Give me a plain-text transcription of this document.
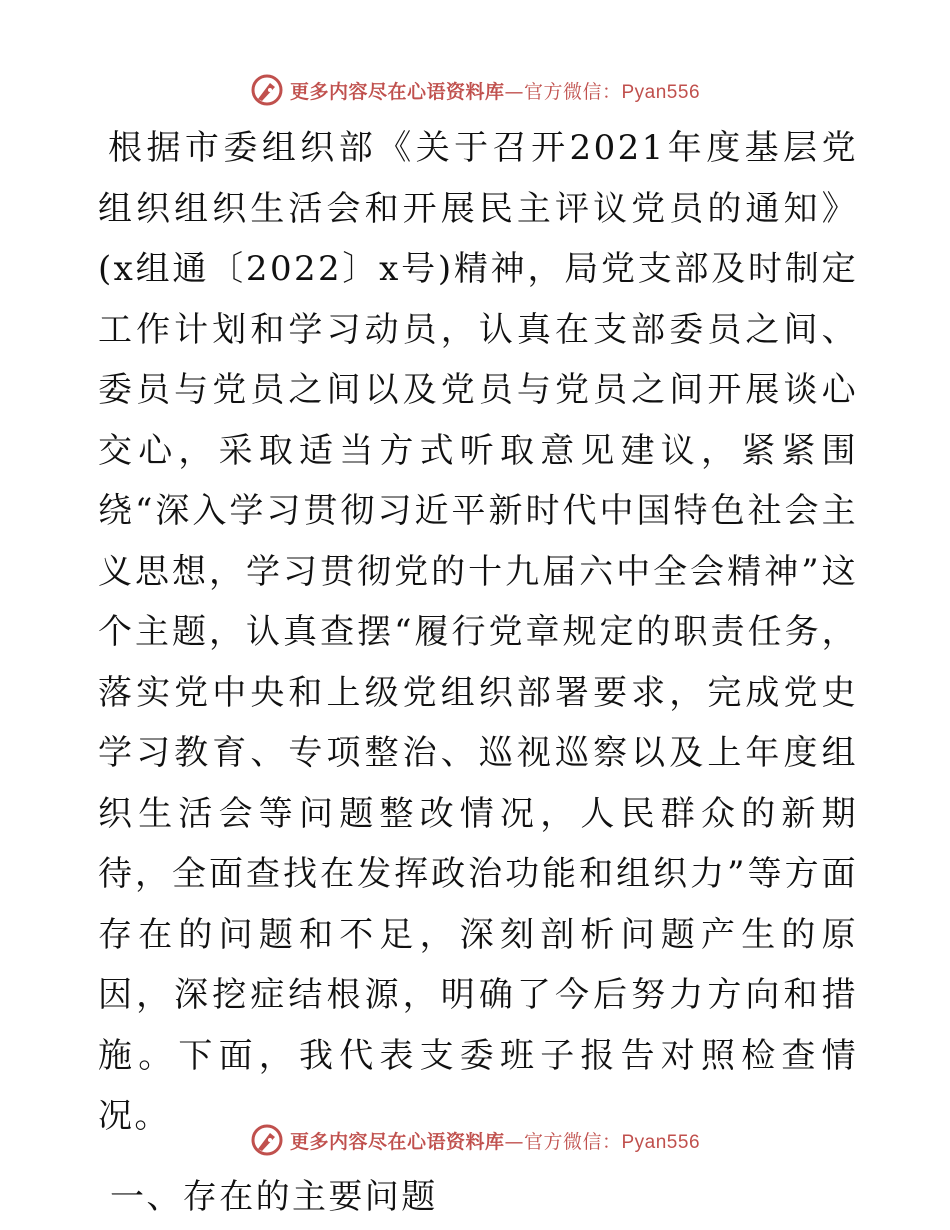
更多内容尽在心语资料库—官方微信：Pyan556

根据市委组织部《关于召开2021年度基层党组织组织生活会和开展民主评议党员的通知》(x组通〔2022〕x号)精神，局党支部及时制定工作计划和学习动员，认真在支部委员之间、委员与党员之间以及党员与党员之间开展谈心交心，采取适当方式听取意见建议，紧紧围绕“深入学习贯彻习近平新时代中国特色社会主义思想，学习贯彻党的十九届六中全会精神”这个主题，认真查摆“履行党章规定的职责任务，落实党中央和上级党组织部署要求，完成党史学习教育、专项整治、巡视巡察以及上年度组织生活会等问题整改情况，人民群众的新期待，全面查找在发挥政治功能和组织力”等方面存在的问题和不足，深刻剖析问题产生的原因，深挖症结根源，明确了今后努力方向和措施。下面，我代表支委班子报告对照检查情况。

一、存在的主要问题
更多内容尽在心语资料库—官方微信：Pyan556
